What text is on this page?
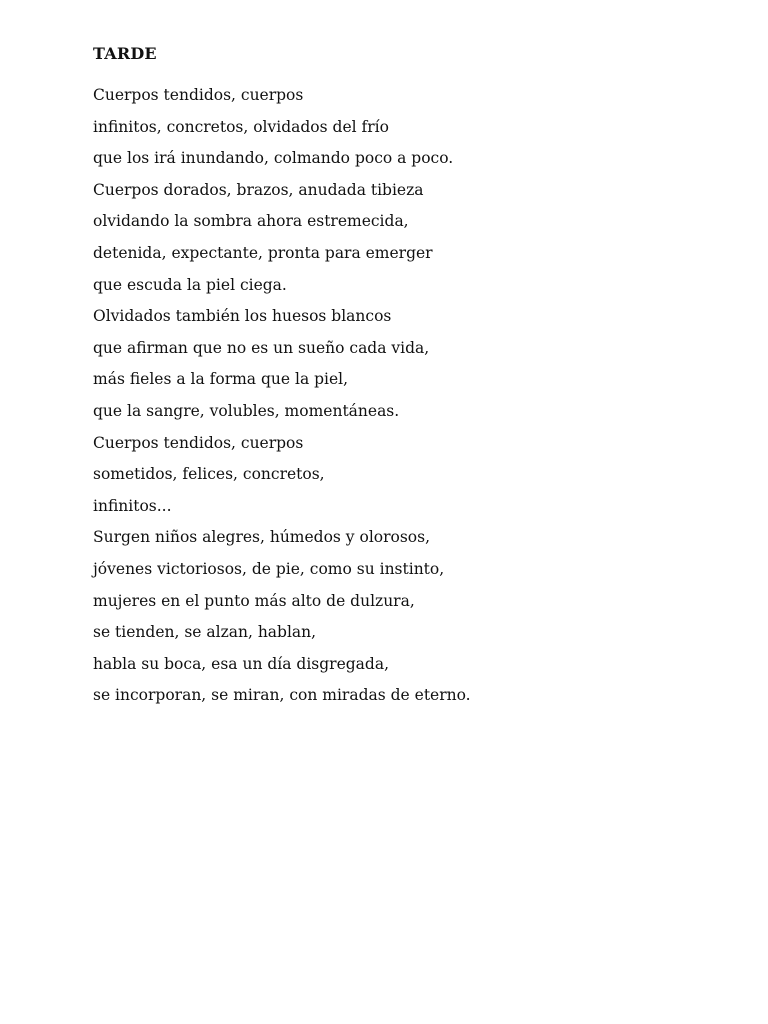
TARDE
Cuerpos tendidos, cuerpos
infinitos, concretos, olvidados del frío
que los irá inundando, colmando poco a poco.
Cuerpos dorados, brazos, anudada tibieza
olvidando la sombra ahora estremecida,
detenida, expectante, pronta para emerger
que escuda la piel ciega.
Olvidados también los huesos blancos
que afirman que no es un sueño cada vida,
más fieles a la forma que la piel,
que la sangre, volubles, momentáneas.
Cuerpos tendidos, cuerpos
sometidos, felices, concretos,
infinitos...
Surgen niños alegres, húmedos y olorosos,
jóvenes victoriosos, de pie, como su instinto,
mujeres en el punto más alto de dulzura,
se tienden, se alzan, hablan,
habla su boca, esa un día disgregada,
se incorporan, se miran, con miradas de eterno.
